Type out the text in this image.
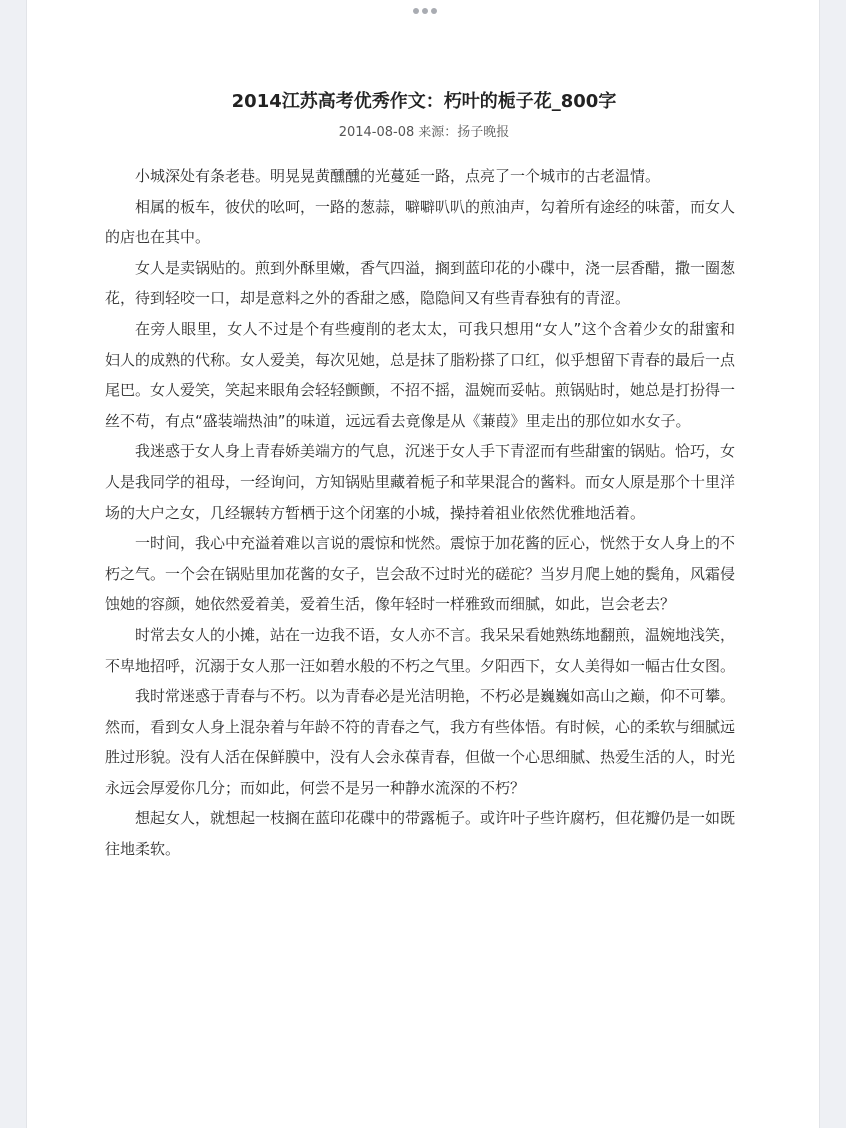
2014江苏高考优秀作文：朽叶的栀子花_800字
2014-08-08 来源：扬子晚报

小城深处有条老巷。明晃晃黄醺醺的光蔓延一路，点亮了一个城市的古老温情。

相属的板车，彼伏的吆呵，一路的葱蒜，噼噼叭叭的煎油声，勾着所有途经的味蕾，而女人的店也在其中。

女人是卖锅贴的。煎到外酥里嫩，香气四溢，搁到蓝印花的小碟中，浇一层香醋，撒一圈葱花，待到轻咬一口，却是意料之外的香甜之感，隐隐间又有些青春独有的青涩。

在旁人眼里，女人不过是个有些瘦削的老太太，可我只想用“女人”这个含着少女的甜蜜和妇人的成熟的代称。女人爱美，每次见她，总是抹了脂粉搽了口红，似乎想留下青春的最后一点尾巴。女人爱笑，笑起来眼角会轻轻颤颤，不招不摇，温婉而妥帖。煎锅贴时，她总是打扮得一丝不苟，有点“盛装端热油”的味道，远远看去竟像是从《蒹葭》里走出的那位如水女子。

我迷惑于女人身上青春娇美端方的气息，沉迷于女人手下青涩而有些甜蜜的锅贴。恰巧，女人是我同学的祖母，一经询问，方知锅贴里藏着栀子和苹果混合的酱料。而女人原是那个十里洋场的大户之女，几经辗转方暂栖于这个闭塞的小城，操持着祖业依然优雅地活着。

一时间，我心中充溢着难以言说的震惊和恍然。震惊于加花酱的匠心，恍然于女人身上的不朽之气。一个会在锅贴里加花酱的女子，岂会敌不过时光的磋砣？当岁月爬上她的鬓角，风霜侵蚀她的容颜，她依然爱着美，爱着生活，像年轻时一样雅致而细腻，如此，岂会老去？

时常去女人的小摊，站在一边我不语，女人亦不言。我呆呆看她熟练地翻煎，温婉地浅笑，不卑地招呼，沉溺于女人那一汪如碧水般的不朽之气里。夕阳西下，女人美得如一幅古仕女图。

我时常迷惑于青春与不朽。以为青春必是光洁明艳，不朽必是巍巍如高山之巅，仰不可攀。然而，看到女人身上混杂着与年龄不符的青春之气，我方有些体悟。有时候，心的柔软与细腻远胜过形貌。没有人活在保鲜膜中，没有人会永葆青春，但做一个心思细腻、热爱生活的人，时光永远会厚爱你几分；而如此，何尝不是另一种静水流深的不朽？

想起女人，就想起一枝搁在蓝印花碟中的带露栀子。或许叶子些许腐朽，但花瓣仍是一如既往地柔软。
